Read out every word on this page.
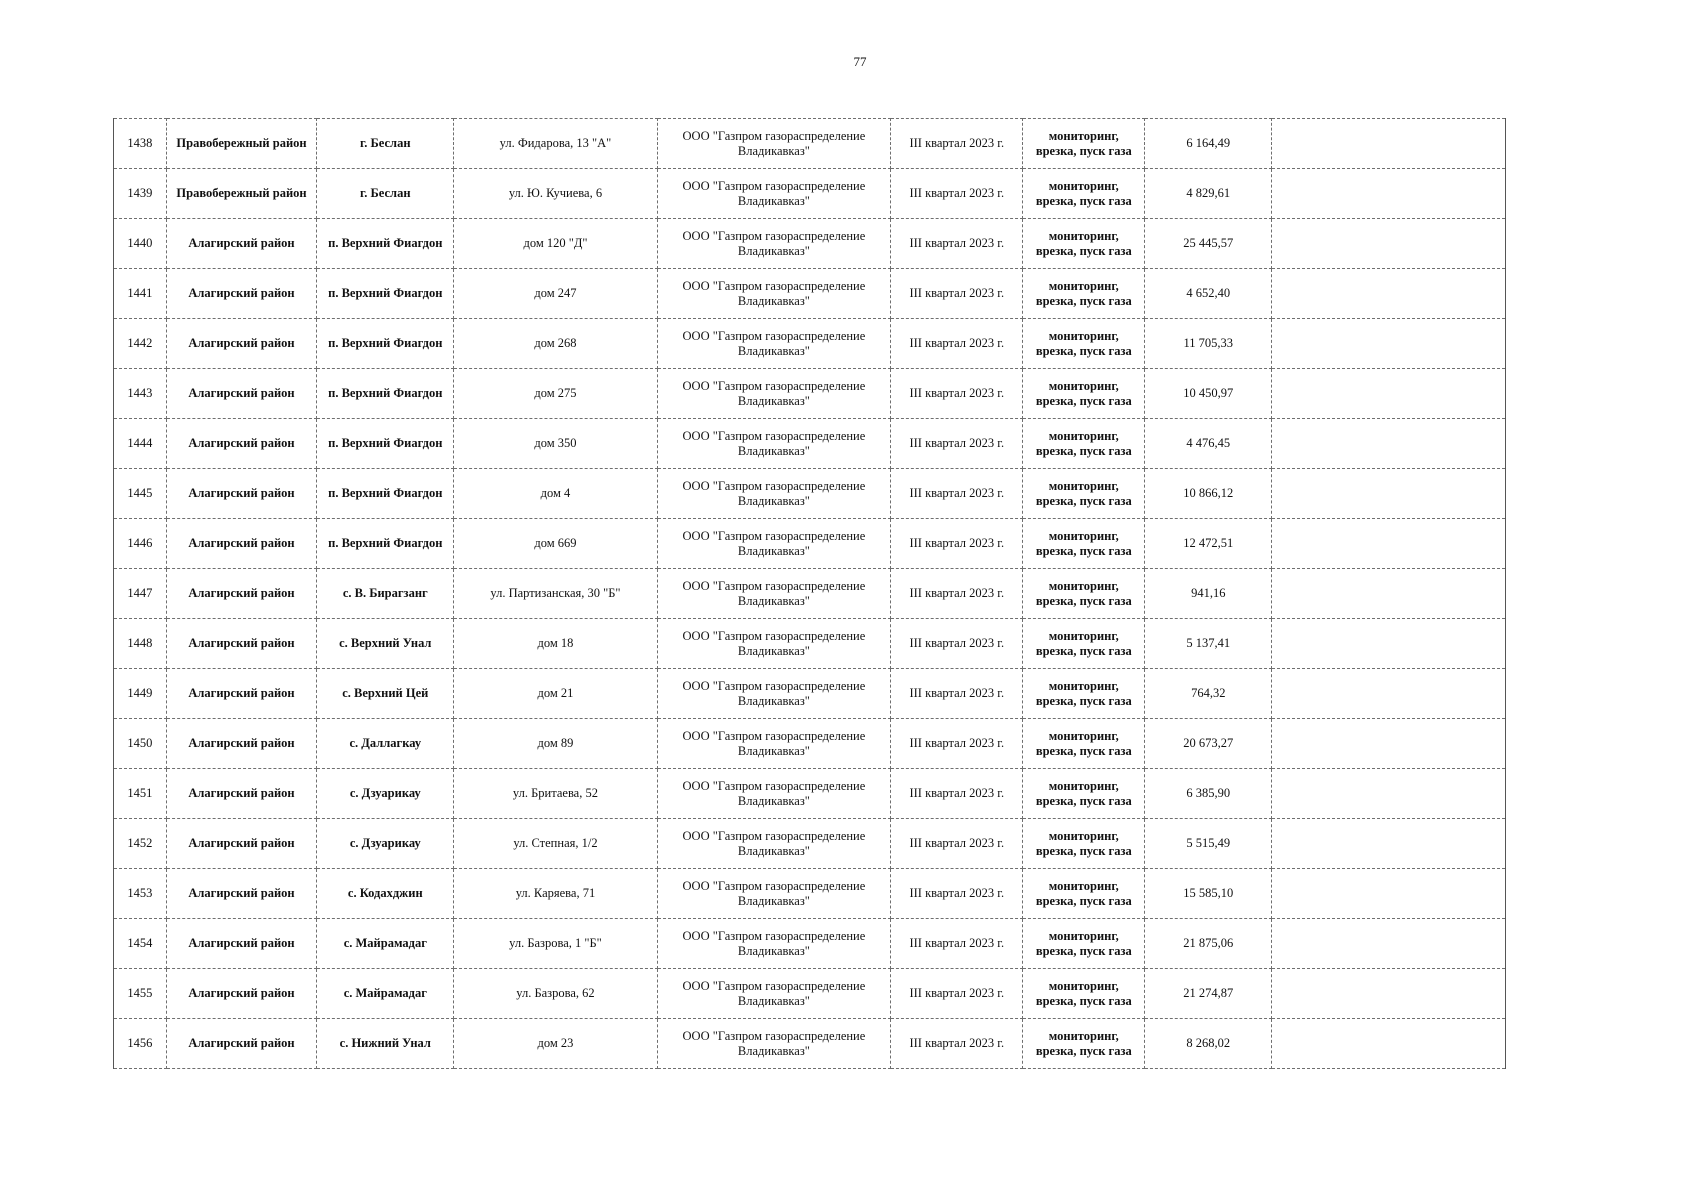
77
1438	Правобережный район	г. Беслан	ул. Фидарова, 13 "А"	ООО "Газпром газораспределение
Владикавказ"	III квартал 2023 г.	мониторинг,
врезка, пуск газа	6 164,49	
1439	Правобережный район	г. Беслан	ул. Ю. Кучиева, 6	ООО "Газпром газораспределение
Владикавказ"	III квартал 2023 г.	мониторинг,
врезка, пуск газа	4 829,61	
1440	Алагирский район	п. Верхний Фиагдон	дом 120 "Д"	ООО "Газпром газораспределение
Владикавказ"	III квартал 2023 г.	мониторинг,
врезка, пуск газа	25 445,57	
1441	Алагирский район	п. Верхний Фиагдон	дом 247	ООО "Газпром газораспределение
Владикавказ"	III квартал 2023 г.	мониторинг,
врезка, пуск газа	4 652,40	
1442	Алагирский район	п. Верхний Фиагдон	дом 268	ООО "Газпром газораспределение
Владикавказ"	III квартал 2023 г.	мониторинг,
врезка, пуск газа	11 705,33	
1443	Алагирский район	п. Верхний Фиагдон	дом 275	ООО "Газпром газораспределение
Владикавказ"	III квартал 2023 г.	мониторинг,
врезка, пуск газа	10 450,97	
1444	Алагирский район	п. Верхний Фиагдон	дом 350	ООО "Газпром газораспределение
Владикавказ"	III квартал 2023 г.	мониторинг,
врезка, пуск газа	4 476,45	
1445	Алагирский район	п. Верхний Фиагдон	дом 4	ООО "Газпром газораспределение
Владикавказ"	III квартал 2023 г.	мониторинг,
врезка, пуск газа	10 866,12	
1446	Алагирский район	п. Верхний Фиагдон	дом 669	ООО "Газпром газораспределение
Владикавказ"	III квартал 2023 г.	мониторинг,
врезка, пуск газа	12 472,51	
1447	Алагирский район	с. В. Бирагзанг	ул. Партизанская, 30 "Б"	ООО "Газпром газораспределение
Владикавказ"	III квартал 2023 г.	мониторинг,
врезка, пуск газа	941,16	
1448	Алагирский район	с. Верхний Унал	дом 18	ООО "Газпром газораспределение
Владикавказ"	III квартал 2023 г.	мониторинг,
врезка, пуск газа	5 137,41	
1449	Алагирский район	с. Верхний Цей	дом 21	ООО "Газпром газораспределение
Владикавказ"	III квартал 2023 г.	мониторинг,
врезка, пуск газа	764,32	
1450	Алагирский район	с. Даллагкау	дом 89	ООО "Газпром газораспределение
Владикавказ"	III квартал 2023 г.	мониторинг,
врезка, пуск газа	20 673,27	
1451	Алагирский район	с. Дзуарикау	ул. Бритаева, 52	ООО "Газпром газораспределение
Владикавказ"	III квартал 2023 г.	мониторинг,
врезка, пуск газа	6 385,90	
1452	Алагирский район	с. Дзуарикау	ул. Степная, 1/2	ООО "Газпром газораспределение
Владикавказ"	III квартал 2023 г.	мониторинг,
врезка, пуск газа	5 515,49	
1453	Алагирский район	с. Кодахджин	ул. Каряева, 71	ООО "Газпром газораспределение
Владикавказ"	III квартал 2023 г.	мониторинг,
врезка, пуск газа	15 585,10	
1454	Алагирский район	с. Майрамадаг	ул. Базрова, 1 "Б"	ООО "Газпром газораспределение
Владикавказ"	III квартал 2023 г.	мониторинг,
врезка, пуск газа	21 875,06	
1455	Алагирский район	с. Майрамадаг	ул. Базрова, 62	ООО "Газпром газораспределение
Владикавказ"	III квартал 2023 г.	мониторинг,
врезка, пуск газа	21 274,87	
1456	Алагирский район	с. Нижний Унал	дом 23	ООО "Газпром газораспределение
Владикавказ"	III квартал 2023 г.	мониторинг,
врезка, пуск газа	8 268,02	
